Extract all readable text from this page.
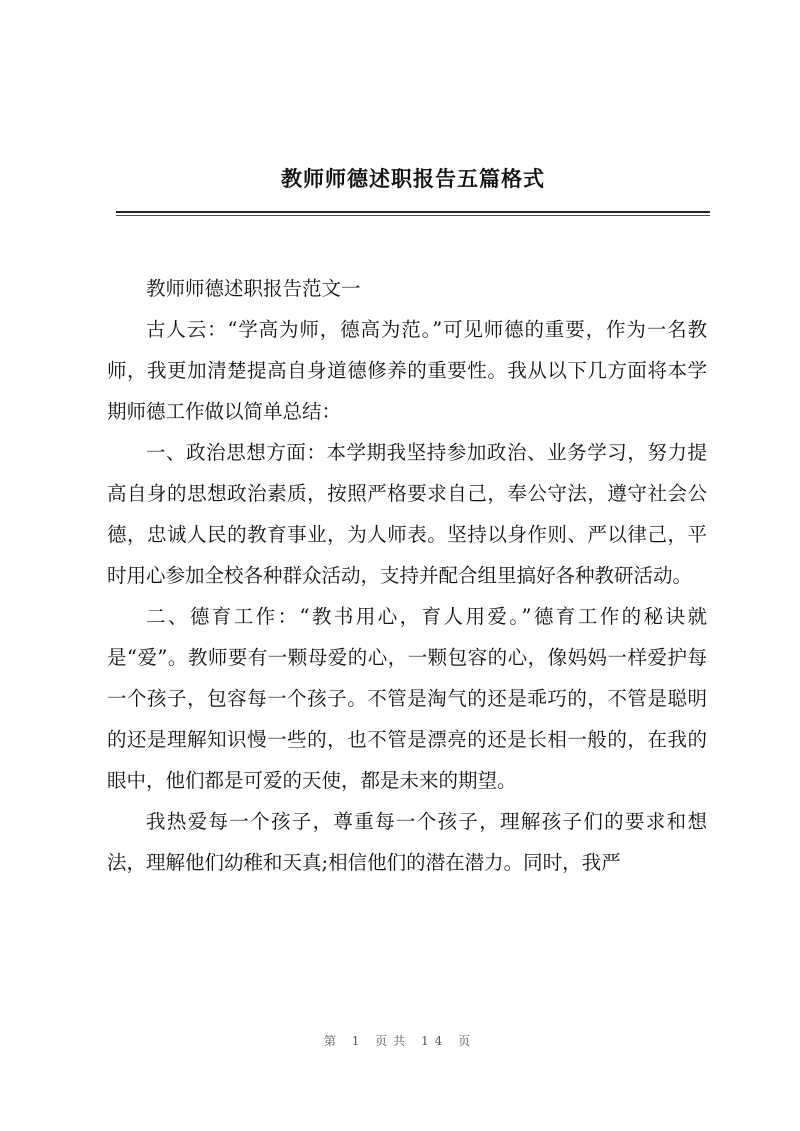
教师师德述职报告五篇格式

教师师德述职报告范文一

古人云：“学高为师，德高为范。”可见师德的重要，作为一名教师，我更加清楚提高自身道德修养的重要性。我从以下几方面将本学期师德工作做以简单总结：

一、政治思想方面：本学期我坚持参加政治、业务学习，努力提高自身的思想政治素质，按照严格要求自己，奉公守法，遵守社会公德，忠诚人民的教育事业，为人师表。坚持以身作则、严以律己，平时用心参加全校各种群众活动，支持并配合组里搞好各种教研活动。

二、德育工作：“教书用心，育人用爱。”德育工作的秘诀就是“爱”。教师要有一颗母爱的心，一颗包容的心，像妈妈一样爱护每一个孩子，包容每一个孩子。不管是淘气的还是乖巧的，不管是聪明的还是理解知识慢一些的，也不管是漂亮的还是长相一般的，在我的眼中，他们都是可爱的天使，都是未来的期望。

我热爱每一个孩子，尊重每一个孩子，理解孩子们的要求和想法，理解他们幼稚和天真;相信他们的潜在潜力。同时，我严

第 1 页共 14 页
